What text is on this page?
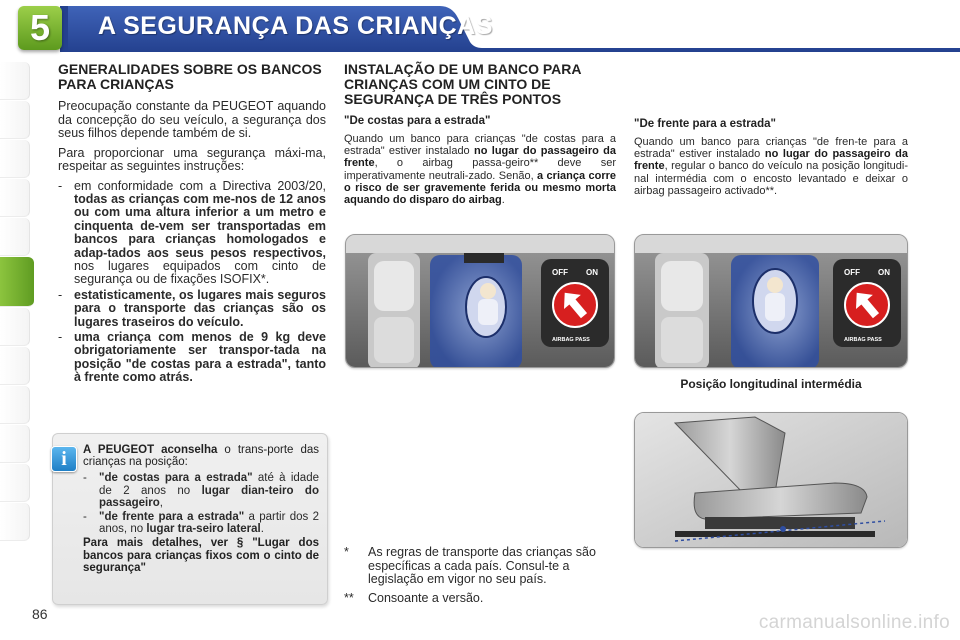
5 A SEGURANÇA DAS CRIANÇAS
GENERALIDADES SOBRE OS BANCOS PARA CRIANÇAS

Preocupação constante da PEUGEOT aquando da concepção do seu veículo, a segurança dos seus filhos depende também de si.

Para proporcionar uma segurança máxi-ma, respeitar as seguintes instruções:

- em conformidade com a Directiva 2003/20, todas as crianças com me-nos de 12 anos ou com uma altura inferior a um metro e cinquenta de-vem ser transportadas em bancos para crianças homologados e adap-tados aos seus pesos respectivos, nos lugares equipados com cinto de segurança ou de fixações ISOFIX*.
- estatisticamente, os lugares mais seguros para o transporte das crianças são os lugares traseiros do veículo.
- uma criança com menos de 9 kg deve obrigatoriamente ser transpor-tada na posição "de costas para a estrada", tanto à frente como atrás.
i A PEUGEOT aconselha o trans-porte das crianças na posição:

-	"de costas para a estrada" até à idade de 2 anos no lugar dian-teiro do passageiro,
-	"de frente para a estrada" a partir dos 2 anos, no lugar tra-seiro lateral.

Para mais detalhes, ver § "Lugar dos bancos para crianças fixos com o cinto de segurança"

INSTALAÇÃO DE UM BANCO PARA CRIANÇAS COM UM CINTO DE SEGURANÇA DE TRÊS PONTOS
"De costas para a estrada"

Quando um banco para crianças "de costas para a estrada" estiver instalado no lugar do passageiro da frente, o airbag passa-geiro** deve ser imperativamente neutrali-zado. Senão, a criança corre o risco de ser gravemente ferida ou mesmo morta aquando do disparo do airbag.

"De frente para a estrada"

Quando um banco para crianças "de fren-te para a estrada" estiver instalado no lugar do passageiro da frente, regular o banco do veículo na posição longitudi-nal intermédia com o encosto levantado e deixar o airbag passageiro activado**.

OFF ON
AIRBAG PASS
OFF ON
AIRBAG PASS
Posição longitudinal intermédia
*	As regras de transporte das crianças são específicas a cada país. Consul-te a legislação em vigor no seu país.
**	Consoante a versão.
86	carmanualsonline.info
